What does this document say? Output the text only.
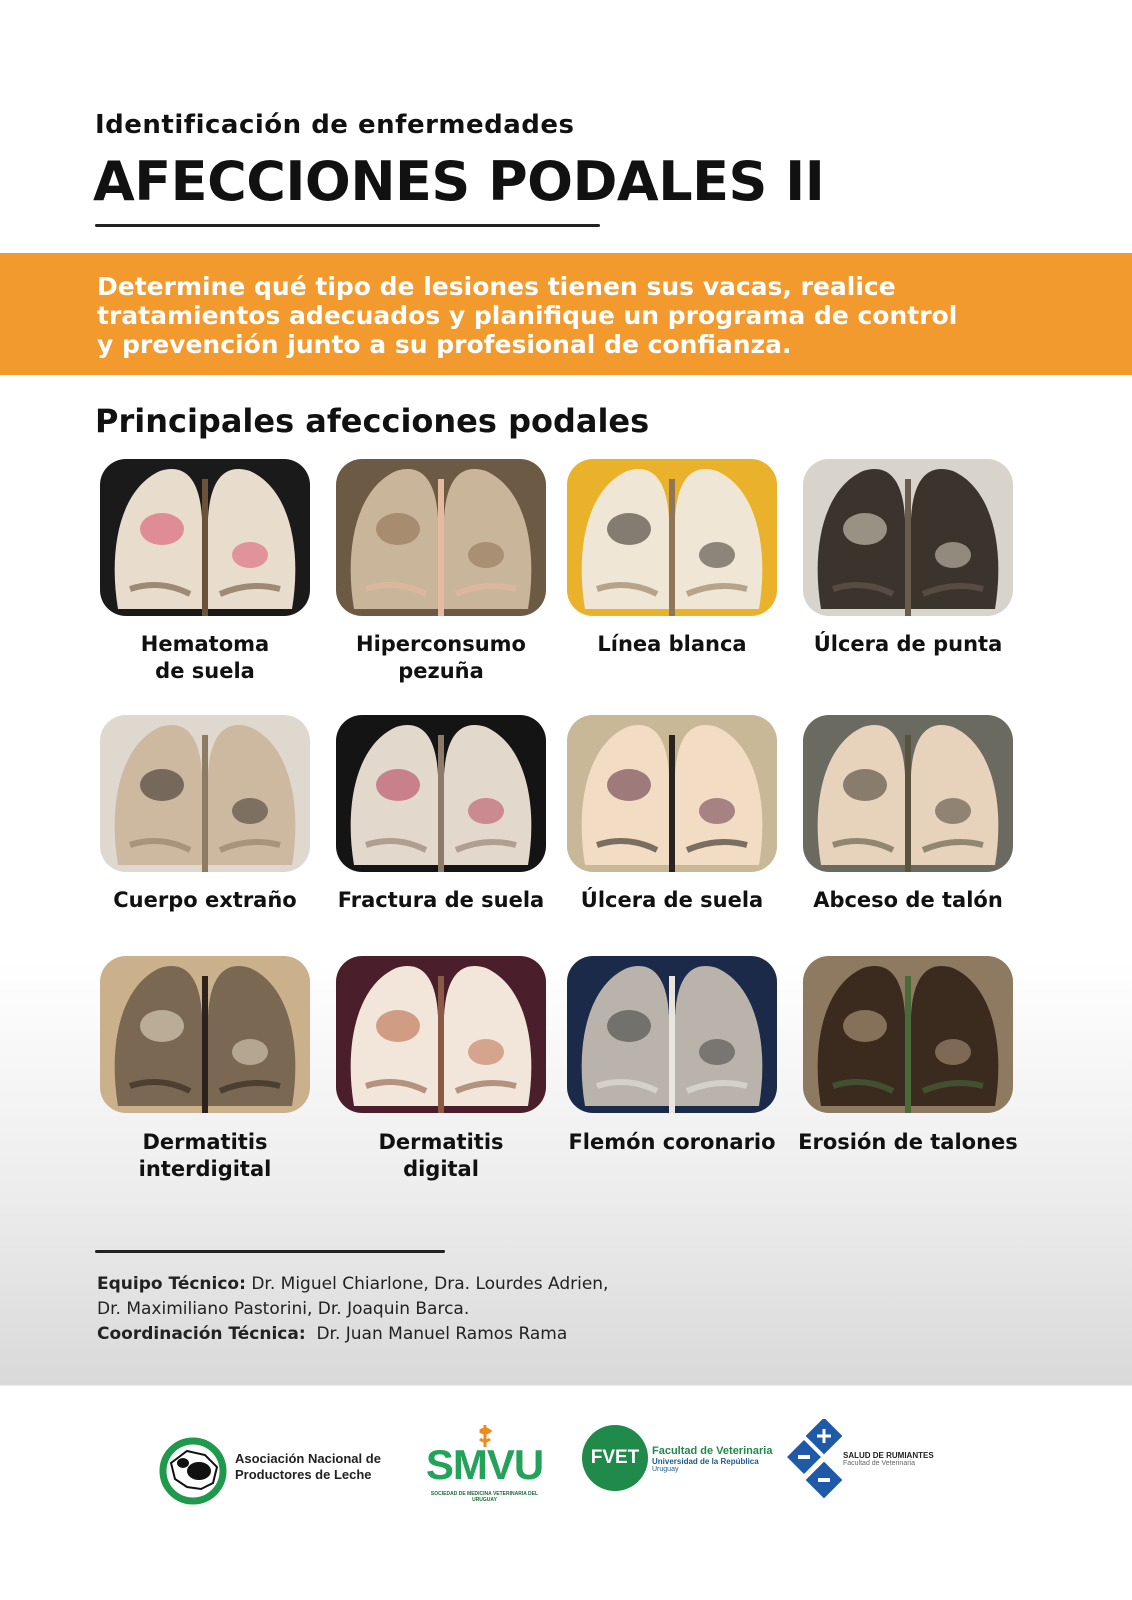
Identificación de enfermedades
AFECCIONES PODALES II
Determine qué tipo de lesiones tienen sus vacas, realice
tratamientos adecuados y planifique un programa de control
y prevención junto a su profesional de confianza.
Principales afecciones podales
Hematoma
de suela
Hiperconsumo
pezuña
Línea blanca	Úlcera de punta
Cuerpo extraño	Fractura de suela	Úlcera de suela	Abceso de talón
Dermatitis
interdigital
Dermatitis
digital
Flemón coronario	Erosión de talones
Equipo Técnico: Dr. Miguel Chiarlone, Dra. Lourdes Adrien,
Dr. Maximiliano Pastorini, Dr. Joaquin Barca.
Coordinación Técnica: Dr. Juan Manuel Ramos Rama
Asociación Nacional de
Productores de Leche SMVU
SOCIEDAD DE MEDICINA VETERINARIA DEL URUGUAY
FVET	Facultad de Veterinaria
Universidad de la República
Uruguay
SALUD DE RUMIANTES
Facultad de Veterinaria
